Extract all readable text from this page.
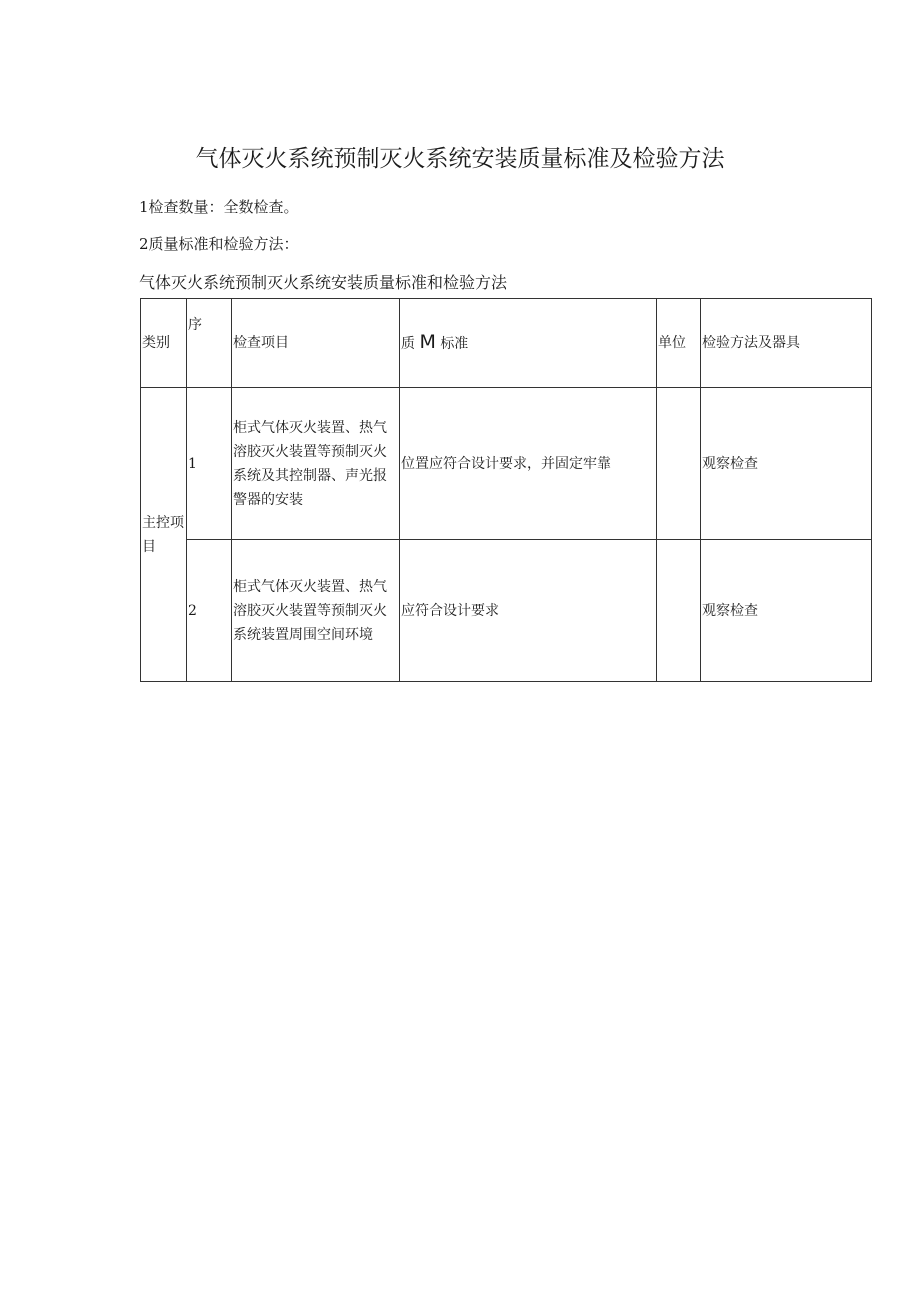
气体灭火系统预制灭火系统安装质量标准及检验方法
1检查数量：全数检查。
2质量标准和检验方法：
气体灭火系统预制灭火系统安装质量标准和检验方法
类别	序	检查项目	质 M 标准	单位	检验方法及器具
主控项目	1	柜式气体灭火装置、热气溶胶灭火装置等预制灭火系统及其控制器、声光报警器的安装	位置应符合设计要求，并固定牢靠		观察检查
	2	柜式气体灭火装置、热气溶胶灭火装置等预制灭火系统装置周围空间环境	应符合设计要求		观察检查
